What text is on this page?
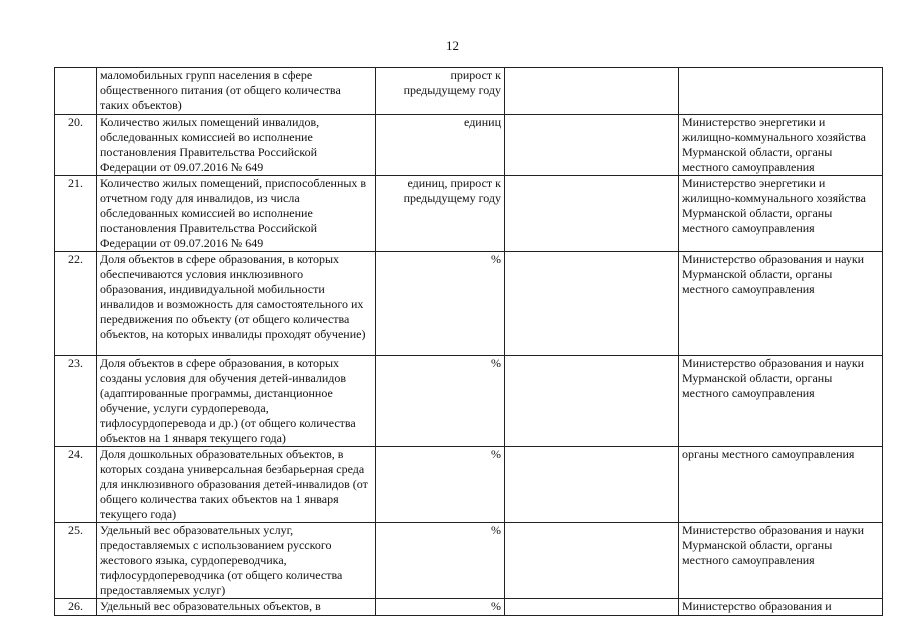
12
	маломобильных групп населения в сфере общественного питания (от общего количества таких объектов)	прирост к предыдущему году		
20.	Количество жилых помещений инвалидов, обследованных комиссией во исполнение постановления Правительства Российской Федерации от 09.07.2016 № 649	единиц		Министерство энергетики и жилищно-коммунального хозяйства Мурманской области, органы местного самоуправления
21.	Количество жилых помещений, приспособленных в отчетном году для инвалидов, из числа обследованных комиссией во исполнение постановления Правительства Российской Федерации от 09.07.2016 № 649	единиц, прирост к предыдущему году		Министерство энергетики и жилищно-коммунального хозяйства Мурманской области, органы местного самоуправления
22.	Доля объектов в сфере образования, в которых обеспечиваются условия инклюзивного образования, индивидуальной мобильности инвалидов и возможность для самостоятельного их передвижения по объекту (от общего количества объектов, на которых инвалиды проходят обучение)	%		Министерство образования и науки Мурманской области, органы местного самоуправления
23.	Доля объектов в сфере образования, в которых созданы условия для обучения детей-инвалидов (адаптированные программы, дистанционное обучение, услуги сурдоперевода, тифлосурдоперевода и др.) (от общего количества объектов на 1 января текущего года)	%		Министерство образования и науки Мурманской области, органы местного самоуправления
24.	Доля дошкольных образовательных объектов, в которых создана универсальная безбарьерная среда для инклюзивного образования детей-инвалидов (от общего количества таких объектов на 1 января текущего года)	%		органы местного самоуправления
25.	Удельный вес образовательных услуг, предоставляемых с использованием русского жестового языка, сурдопереводчика, тифлосурдопереводчика (от общего количества предоставляемых услуг)	%		Министерство образования и науки Мурманской области, органы местного самоуправления
26.	Удельный вес образовательных объектов, в	%		Министерство образования и
